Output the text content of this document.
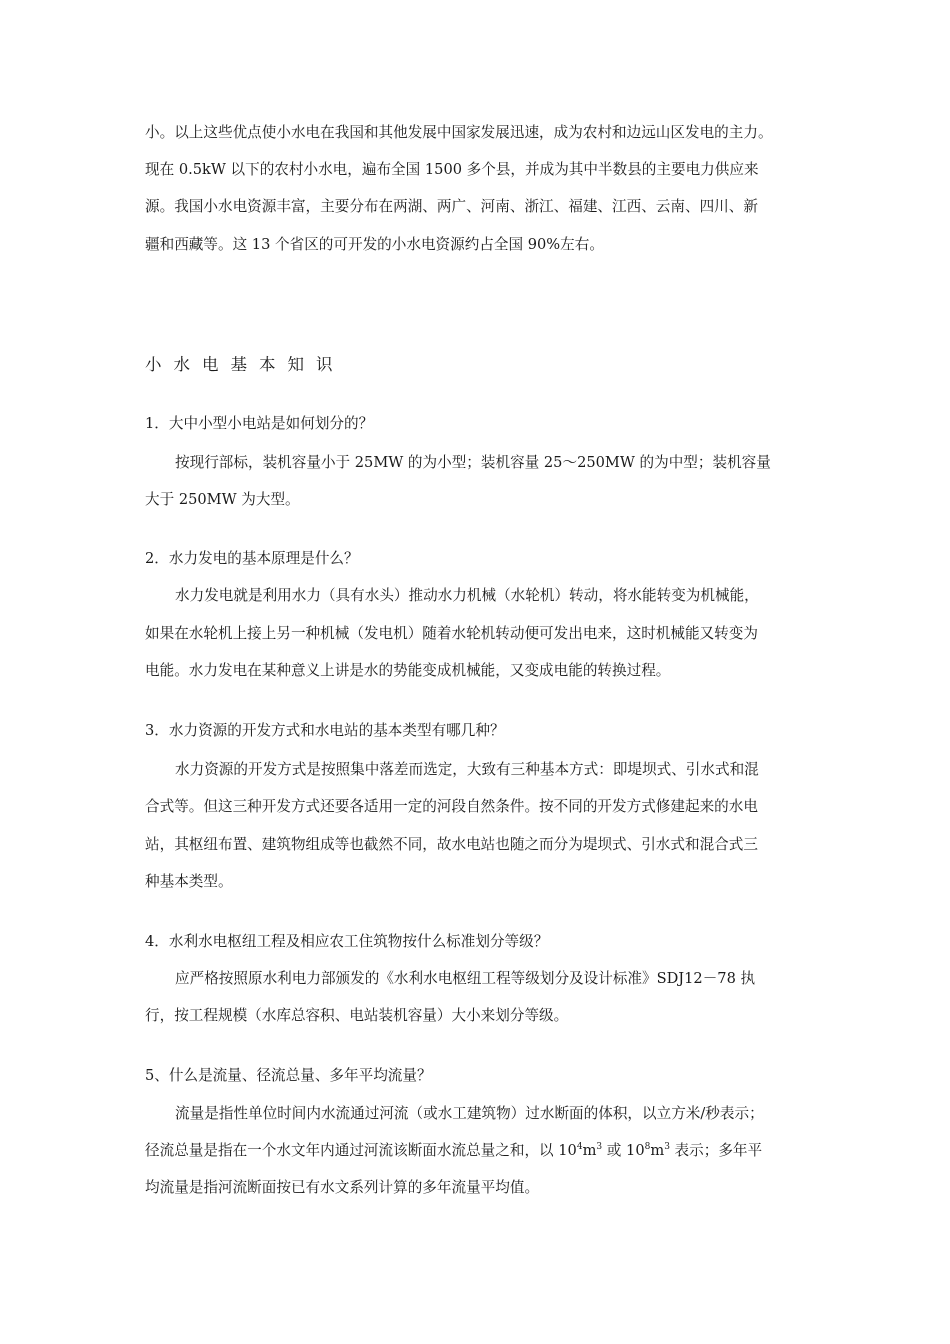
小。以上这些优点使小水电在我国和其他发展中国家发展迅速，成为农村和边远山区发电的主力。
现在 0.5kW 以下的农村小水电，遍布全国 1500 多个县，并成为其中半数县的主要电力供应来
源。我国小水电资源丰富，主要分布在两湖、两广、河南、浙江、福建、江西、云南、四川、新
疆和西藏等。这 13 个省区的可开发的小水电资源约占全国 90%左右。
小水电基本知识
1．大中小型小电站是如何划分的？
按现行部标，装机容量小于 25MW 的为小型；装机容量 25～250MW 的为中型；装机容量
大于 250MW 为大型。
2．水力发电的基本原理是什么？
水力发电就是利用水力（具有水头）推动水力机械（水轮机）转动，将水能转变为机械能，
如果在水轮机上接上另一种机械（发电机）随着水轮机转动便可发出电来，这时机械能又转变为
电能。水力发电在某种意义上讲是水的势能变成机械能，又变成电能的转换过程。
3．水力资源的开发方式和水电站的基本类型有哪几种？
水力资源的开发方式是按照集中落差而选定，大致有三种基本方式：即堤坝式、引水式和混
合式等。但这三种开发方式还要各适用一定的河段自然条件。按不同的开发方式修建起来的水电
站，其枢纽布置、建筑物组成等也截然不同，故水电站也随之而分为堤坝式、引水式和混合式三
种基本类型。
4．水利水电枢纽工程及相应农工住筑物按什么标准划分等级？
应严格按照原水利电力部颁发的《水利水电枢纽工程等级划分及设计标准》SDJ12－78 执
行，按工程规模（水库总容积、电站装机容量）大小来划分等级。
5、什么是流量、径流总量、多年平均流量？
流量是指性单位时间内水流通过河流（或水工建筑物）过水断面的体积，以立方米/秒表示；
径流总量是指在一个水文年内通过河流该断面水流总量之和，以 $10^4m^3$ 或 $10^8m^3$ 表示；多年平
均流量是指河流断面按已有水文系列计算的多年流量平均值。
